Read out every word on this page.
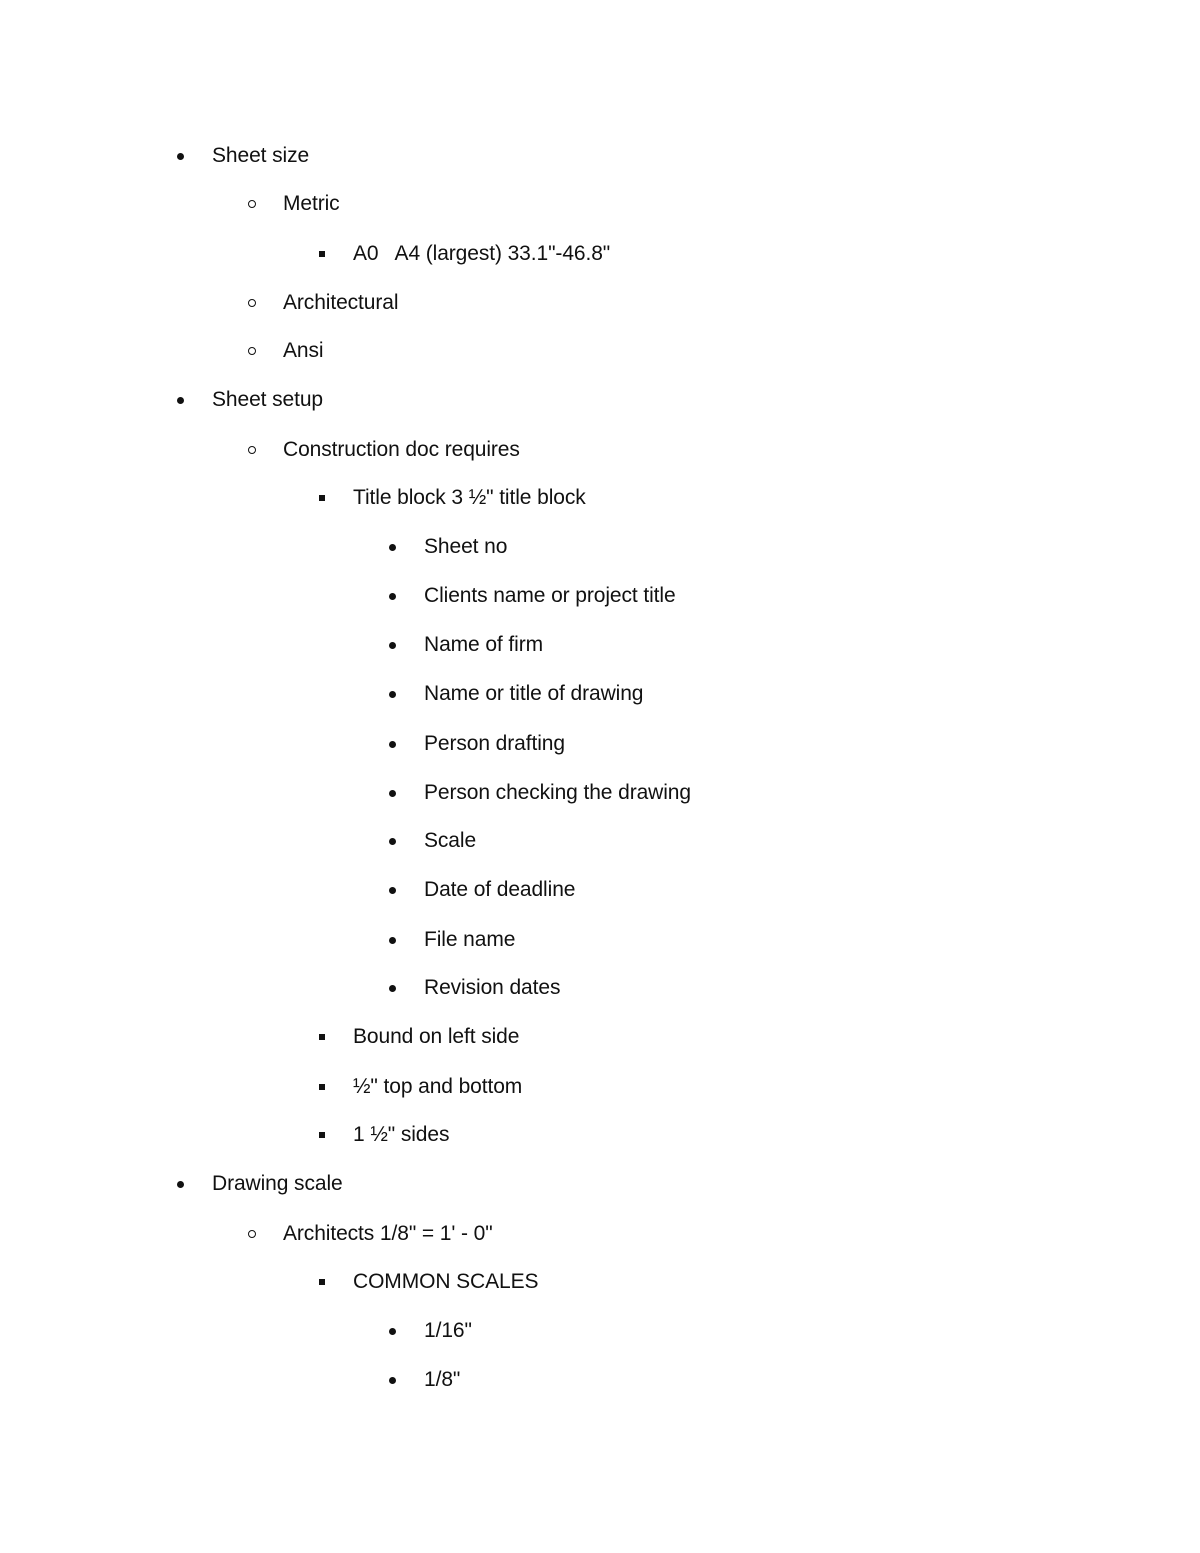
Sheet size
Metric
A0   A4 (largest) 33.1"-46.8"
Architectural
Ansi
Sheet setup
Construction doc requires
Title block 3 ½" title block
Sheet no
Clients name or project title
Name of firm
Name or title of drawing
Person drafting
Person checking the drawing
Scale
Date of deadline
File name
Revision dates
Bound on left side
½" top and bottom
1 ½" sides
Drawing scale
Architects 1/8" = 1' - 0"
COMMON SCALES
1/16"
1/8"
